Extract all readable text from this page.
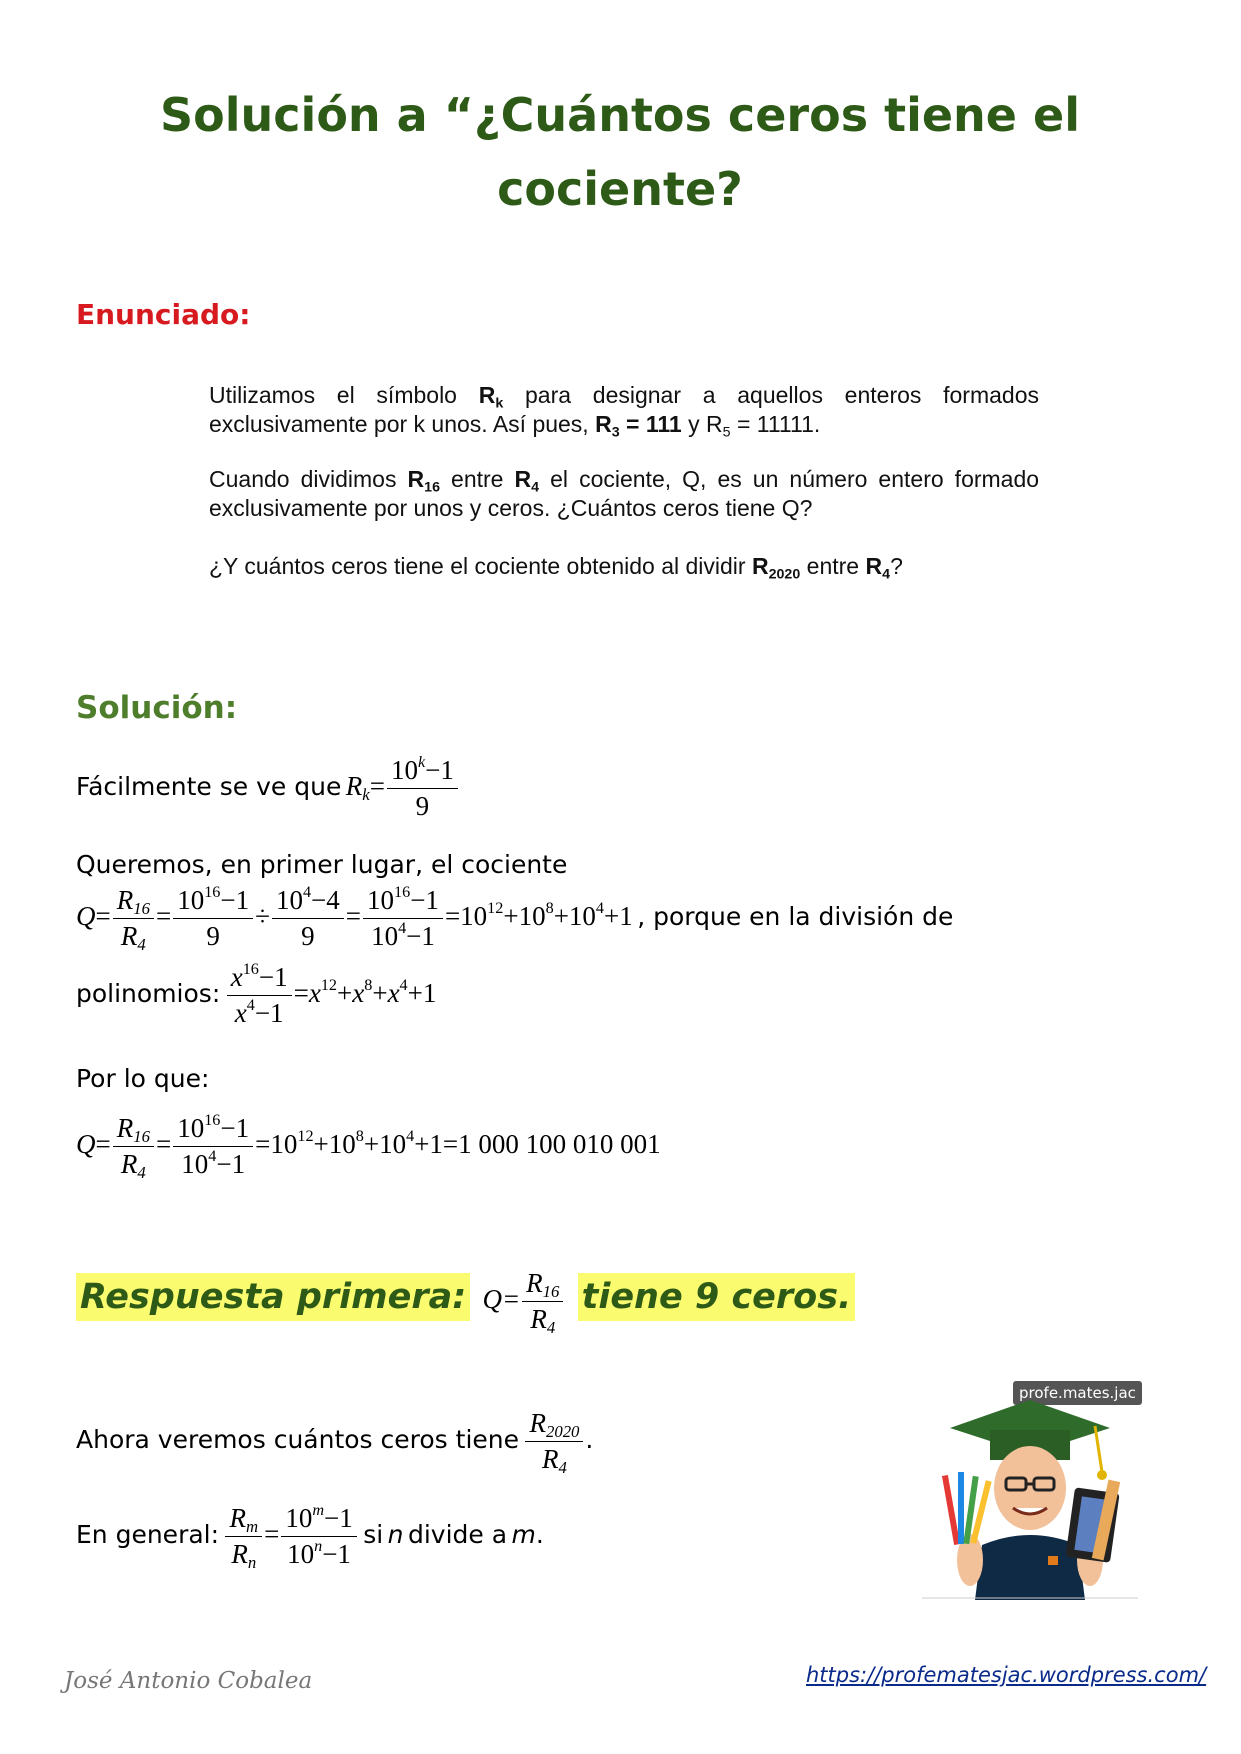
Solución a “¿Cuántos ceros tiene el
cociente?
Enunciado:
Utilizamos el símbolo $R_k$ para designar a aquellos enteros formados exclusivamente por k unos. Así pues, $R_3 = 111$ y $R_5 = 11111$.
Cuando dividimos $R_{16}$ entre $R_4$ el cociente, Q, es un número entero formado exclusivamente por unos y ceros. ¿Cuántos ceros tiene Q?
¿Y cuántos ceros tiene el cociente obtenido al dividir $R_{2020}$ entre $R_4$?
Solución:
Fácilmente se ve que $R_k= \frac{10^k-1}{9}$
Queremos, en primer lugar, el cociente
$Q= \frac{R_{16}}{R_4} = \frac{10^{16}-1}{9} \div \frac{10^4-4}{9} = \frac{10^{16}-1}{10^4-1} =10^{12}+10^8+10^4+1$ , porque en la división de
polinomios: $\frac{x^{16}-1}{x^4-1} =x^{12}+x^8+x^4+1$
Por lo que:
$Q= \frac{R_{16}}{R_4} = \frac{10^{16}-1}{10^4-1} =10^{12}+10^8+10^4+1=1$ 000 100 010 001
Respuesta primera: $Q= \frac{R_{16}}{R_4}$ tiene 9 ceros.
Ahora veremos cuántos ceros tiene $\frac{R_{2020}}{R_4}$ .
En general: $\frac{R_m}{R_n} = \frac{10^m-1}{10^n-1}$ si n divide a m.
profe.mates.jac
José Antonio Cobalea	https://profematesjac.wordpress.com/
